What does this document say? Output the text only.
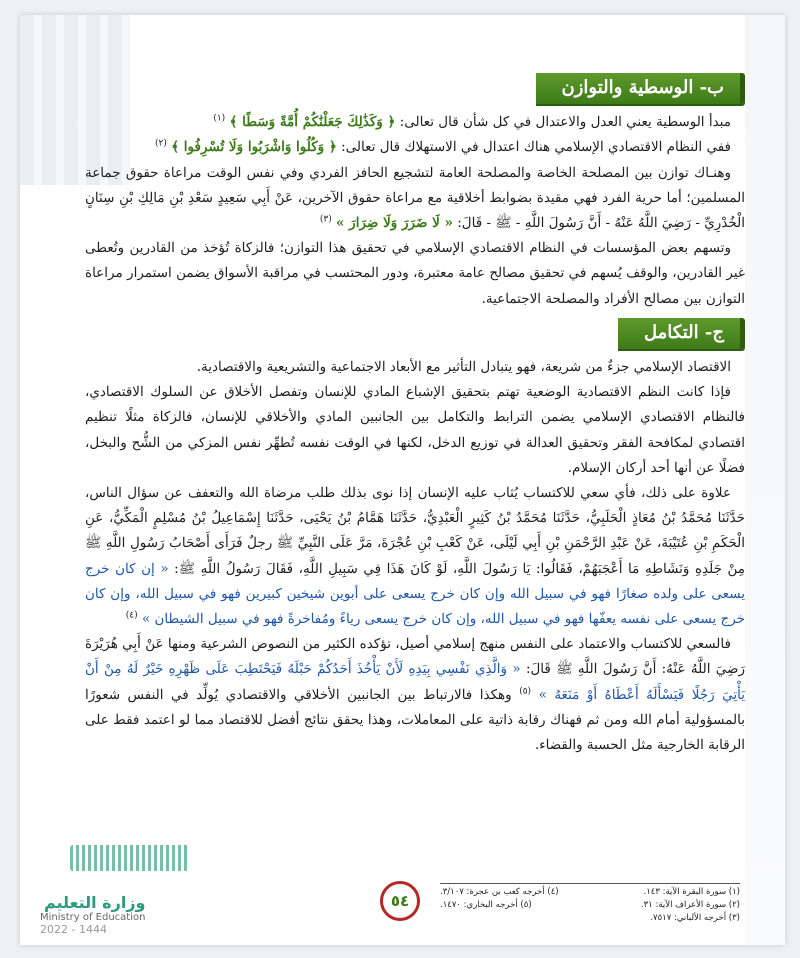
ب- الوسطية والتوازن

مبدأ الوسطية يعني العدل والاعتدال في كل شأن قال تعالى: ﴿ وَكَذَٰلِكَ جَعَلْنَٰكُمْ أُمَّةً وَسَطًا ﴾ $^{(١)}$

ففي النظام الاقتصادي الإسلامي هناك اعتدال في الاستهلاك قال تعالى: ﴿ وَكُلُوا وَاشْرَبُوا وَلَا تُسْرِفُوا ﴾ $^{(٢)}$

وهنـاك توازن بين المصلحة الخاصة والمصلحة العامة لتشجيع الحافز الفردي وفي نفس الوقت مراعاة حقوق جماعة المسلمين؛ أما حرية الفرد فهي مقيدة بضوابط أخلاقية مع مراعاة حقوق الآخرين، عَنْ أَبِي سَعِيدٍ سَعْدِ بْنِ مَالِكِ بْنِ سِنَانٍ الْخُدْرِيِّ - رَضِيَ اللَّهُ عَنْهُ - أَنَّ رَسُولَ اللَّهِ - ﷺ - قَالَ: « لَا ضَرَرَ وَلَا ضِرَارَ » $^{(٣)}$

وتسهم بعض المؤسسات في النظام الاقتصادي الإسلامي في تحقيق هذا التوازن؛ فالزكاة تُؤخذ من القادرين وتُعطى غير القادرين، والوقف يُسهم في تحقيق مصالح عامة معتبرة، ودور المحتسب في مراقبة الأسواق يضمن استمرار مراعاة التوازن بين مصالح الأفراد والمصلحة الاجتماعية.

ج- التكامل

الاقتصاد الإسلامي جزءٌ من شريعة، فهو يتبادل التأثير مع الأبعاد الاجتماعية والتشريعية والاقتصادية.

فإذا كانت النظم الاقتصادية الوضعية تهتم بتحقيق الإشباع المادي للإنسان وتفصل الأخلاق عن السلوك الاقتصادي، فالنظام الاقتصادي الإسلامي يضمن الترابط والتكامل بين الجانبين المادي والأخلاقي للإنسان، فالزكاة مثلًا تنظيم اقتصادي لمكافحة الفقر وتحقيق العدالة في توزيع الدخل، لكنها في الوقت نفسه تُطهِّر نفس المزكي من الشُّح والبخل، فضلًا عن أنها أحد أركان الإسلام.

علاوة على ذلك، فأي سعي للاكتساب يُثاب عليه الإنسان إذا نوى بذلك طلب مرضاة الله والتعفف عن سؤال الناس، حَدَّثَنَا مُحَمَّدُ بْنُ مُعَاذٍ الْحَلَبِيُّ، حَدَّثَنَا مُحَمَّدُ بْنُ كَثِيرٍ الْعَبْدِيُّ، حَدَّثَنَا هَمَّامُ بْنُ يَحْيَى، حَدَّثَنَا إِسْمَاعِيلُ بْنُ مُسْلِمٍ الْمَكِّيُّ، عَنِ الْحَكَمِ بْنِ عُتَيْبَةَ، عَنْ عَبْدِ الرَّحْمَنِ بْنِ أَبِي لَيْلَى، عَنْ كَعْبِ بْنِ عُجْرَةَ، مَرَّ عَلَى النَّبِيِّ ﷺ رجلٌ فَرَأَى أَصْحَابُ رَسُولِ اللَّهِ ﷺ مِنْ جَلَدِهِ وَنَشَاطِهِ مَا أَعْجَبَهُمْ، فَقَالُوا: يَا رَسُولَ اللَّهِ، لَوْ كَانَ هَذَا فِي سَبِيلِ اللَّهِ، فَقَالَ رَسُولُ اللَّهِ ﷺ: « إن كان خرج يسعى على ولده صغارًا فهو في سبيل الله وإن كان خرج يسعى على أبوين شيخين كبيرين فهو في سبيل الله، وإن كان خرج يسعى على نفسه يعفّها فهو في سبيل الله، وإن كان خرج يسعى رياءً ومُفاخرةً فهو في سبيل الشيطان » $^{(٤)}$

فالسعي للاكتساب والاعتماد على النفس منهج إسلامي أصيل، تؤكده الكثير من النصوص الشرعية ومنها عَنْ أَبِي هُرَيْرَةَ رَضِيَ اللَّهُ عَنْهُ: أَنَّ رَسُولَ اللَّهِ ﷺ قَالَ: « وَالَّذِي نَفْسِي بِيَدِهِ لَأَنْ يَأْخُذَ أَحَدُكُمْ حَبْلَهُ فَيَحْتَطِبَ عَلَى ظَهْرِهِ خَيْرٌ لَهُ مِنْ أَنْ يَأْتِيَ رَجُلًا فَيَسْأَلَهُ أَعْطَاهُ أَوْ مَنَعَهُ » $^{(٥)}$ وهكذا فالارتباط بين الجانبين الأخلاقي والاقتصادي يُولِّد في النفس شعورًا بالمسؤولية أمام الله ومن ثم فهناك رقابة ذاتية على المعاملات، وهذا يحقق نتائج أفضل للاقتصاد مما لو اعتمد فقط على الرقابة الخارجية مثل الحسبة والقضاء.

وزارة التعليم
Ministry of Education
2022 - 1444
٥٤	(١) سورة البقرة الآية: ١٤٣.
(٤) أخرجه كعب بن عجرة: ٣/١٠٧.
(٢) سورة الأعراف الآية: ٣١.
(٥) أخرجه البخاري: ١٤٧٠.
(٣) أخرجه الألباني: ٧٥١٧.
